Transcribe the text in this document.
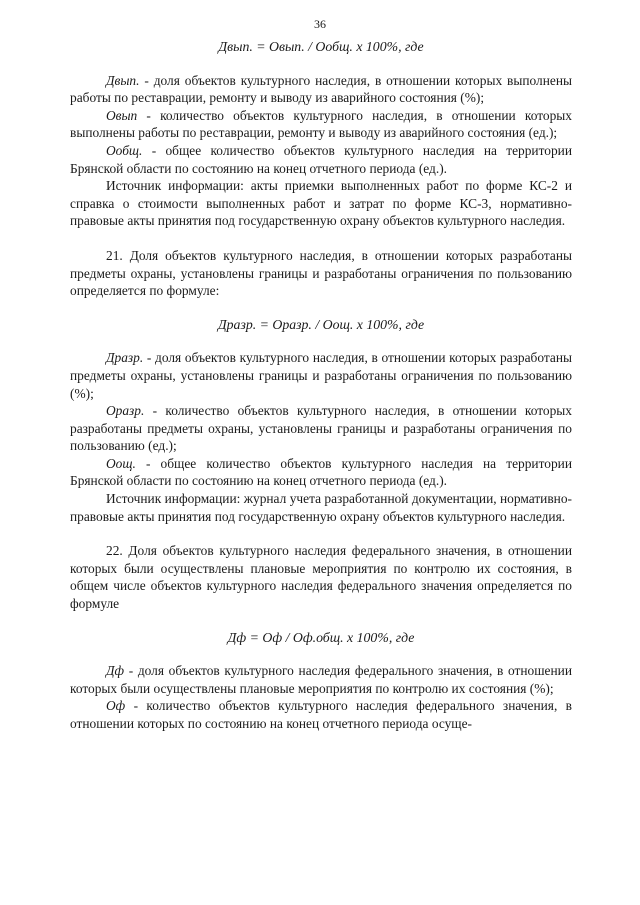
36
Двып. = Овып. / Oобщ. х 100%, где

Двып. - доля объектов культурного наследия, в отношении которых выполнены работы по реставрации, ремонту и выводу из аварийного состояния (%);

Овып - количество объектов культурного наследия, в отношении которых выполнены работы по реставрации, ремонту и выводу из аварийного состояния (ед.);

Oобщ. - общее количество объектов культурного наследия на территории Брянской области по состоянию на конец отчетного периода (ед.).

Источник информации: акты приемки выполненных работ по форме КС-2 и справка о стоимости выполненных работ и затрат по форме КС-3, нормативно-правовые акты принятия под государственную охрану объектов культурного наследия.

21. Доля объектов культурного наследия, в отношении которых разработаны предметы охраны, установлены границы и разработаны ограничения по пользованию определяется по формуле:

Дразр. = Оразр. / Оощ. х 100%, где

Дразр. - доля объектов культурного наследия, в отношении которых разработаны предметы охраны, установлены границы и разработаны ограничения по пользованию (%);

Оразр. - количество объектов культурного наследия, в отношении которых разработаны предметы охраны, установлены границы и разработаны ограничения по пользованию (ед.);

Оощ. - общее количество объектов культурного наследия на территории Брянской области по состоянию на конец отчетного периода (ед.).

Источник информации: журнал учета разработанной документации, нормативно-правовые акты принятия под государственную охрану объектов культурного наследия.

22. Доля объектов культурного наследия федерального значения, в отношении которых были осуществлены плановые мероприятия по контролю их состояния, в общем числе объектов культурного наследия федерального значения определяется по формуле

Дф = Оф / Оф.общ. х 100%, где

Дф - доля объектов культурного наследия федерального значения, в отношении которых были осуществлены плановые мероприятия по контролю их состояния (%);

Оф - количество объектов культурного наследия федерального значения, в отношении которых по состоянию на конец отчетного периода осуще-
